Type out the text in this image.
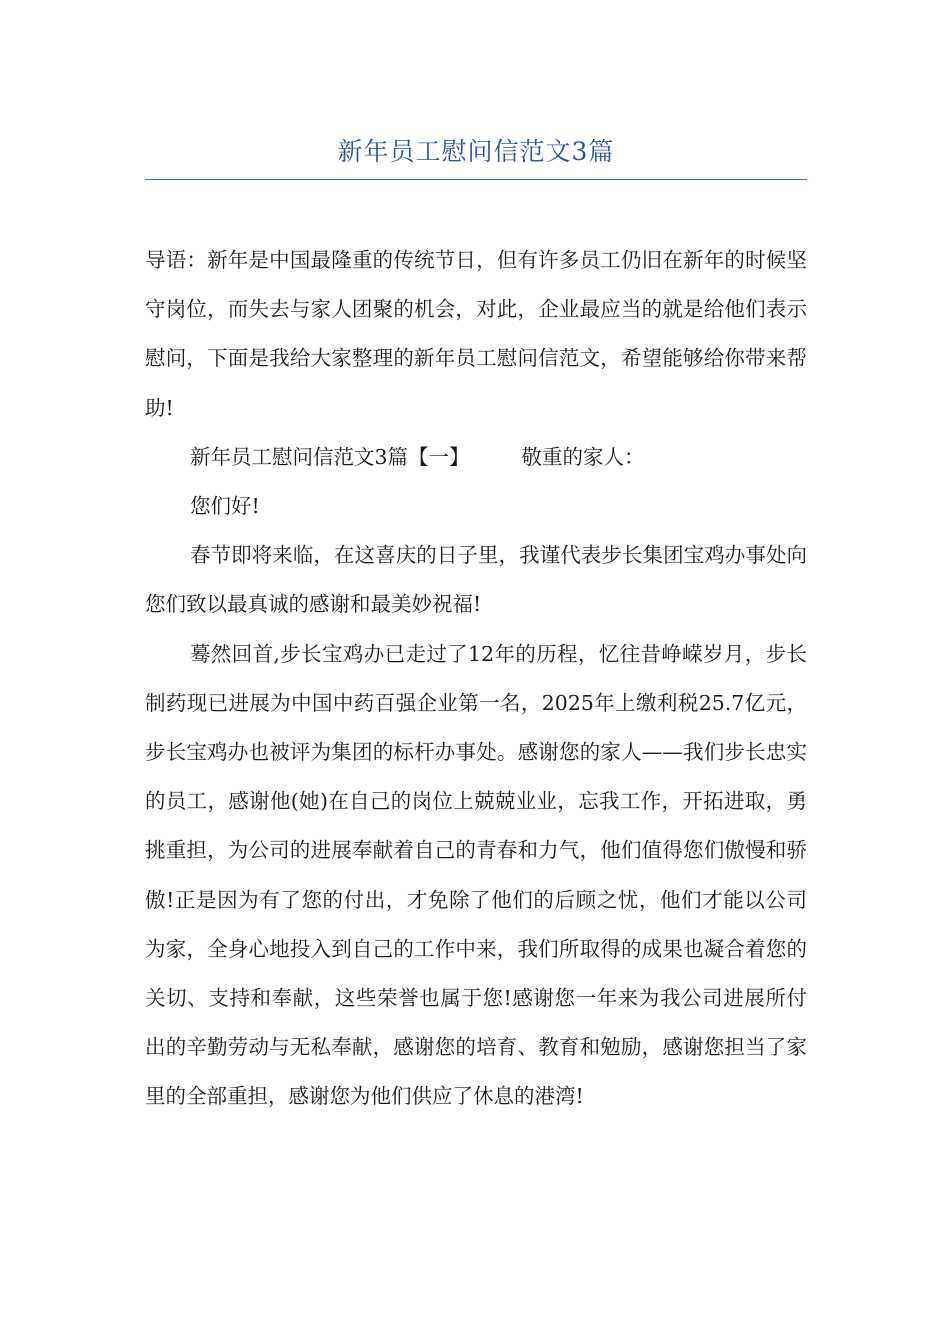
新年员工慰问信范文3篇

导语：新年是中国最隆重的传统节日，但有许多员工仍旧在新年的时候坚守岗位，而失去与家人团聚的机会，对此，企业最应当的就是给他们表示慰问，下面是我给大家整理的新年员工慰问信范文，希望能够给你带来帮助!

新年员工慰问信范文3篇【一】	敬重的家人：

您们好!

春节即将来临，在这喜庆的日子里，我谨代表步长集团宝鸡办事处向您们致以最真诚的感谢和最美妙祝福!

蓦然回首,步长宝鸡办已走过了12年的历程，忆往昔峥嵘岁月，步长制药现已进展为中国中药百强企业第一名，2025年上缴利税25.7亿元，步长宝鸡办也被评为集团的标杆办事处。感谢您的家人——我们步长忠实的员工，感谢他(她)在自己的岗位上兢兢业业，忘我工作，开拓进取，勇挑重担，为公司的进展奉献着自己的青春和力气，他们值得您们傲慢和骄傲!正是因为有了您的付出，才免除了他们的后顾之忧，他们才能以公司为家，全身心地投入到自己的工作中来，我们所取得的成果也凝合着您的关切、支持和奉献，这些荣誉也属于您!感谢您一年来为我公司进展所付出的辛勤劳动与无私奉献，感谢您的培育、教育和勉励，感谢您担当了家里的全部重担，感谢您为他们供应了休息的港湾!
